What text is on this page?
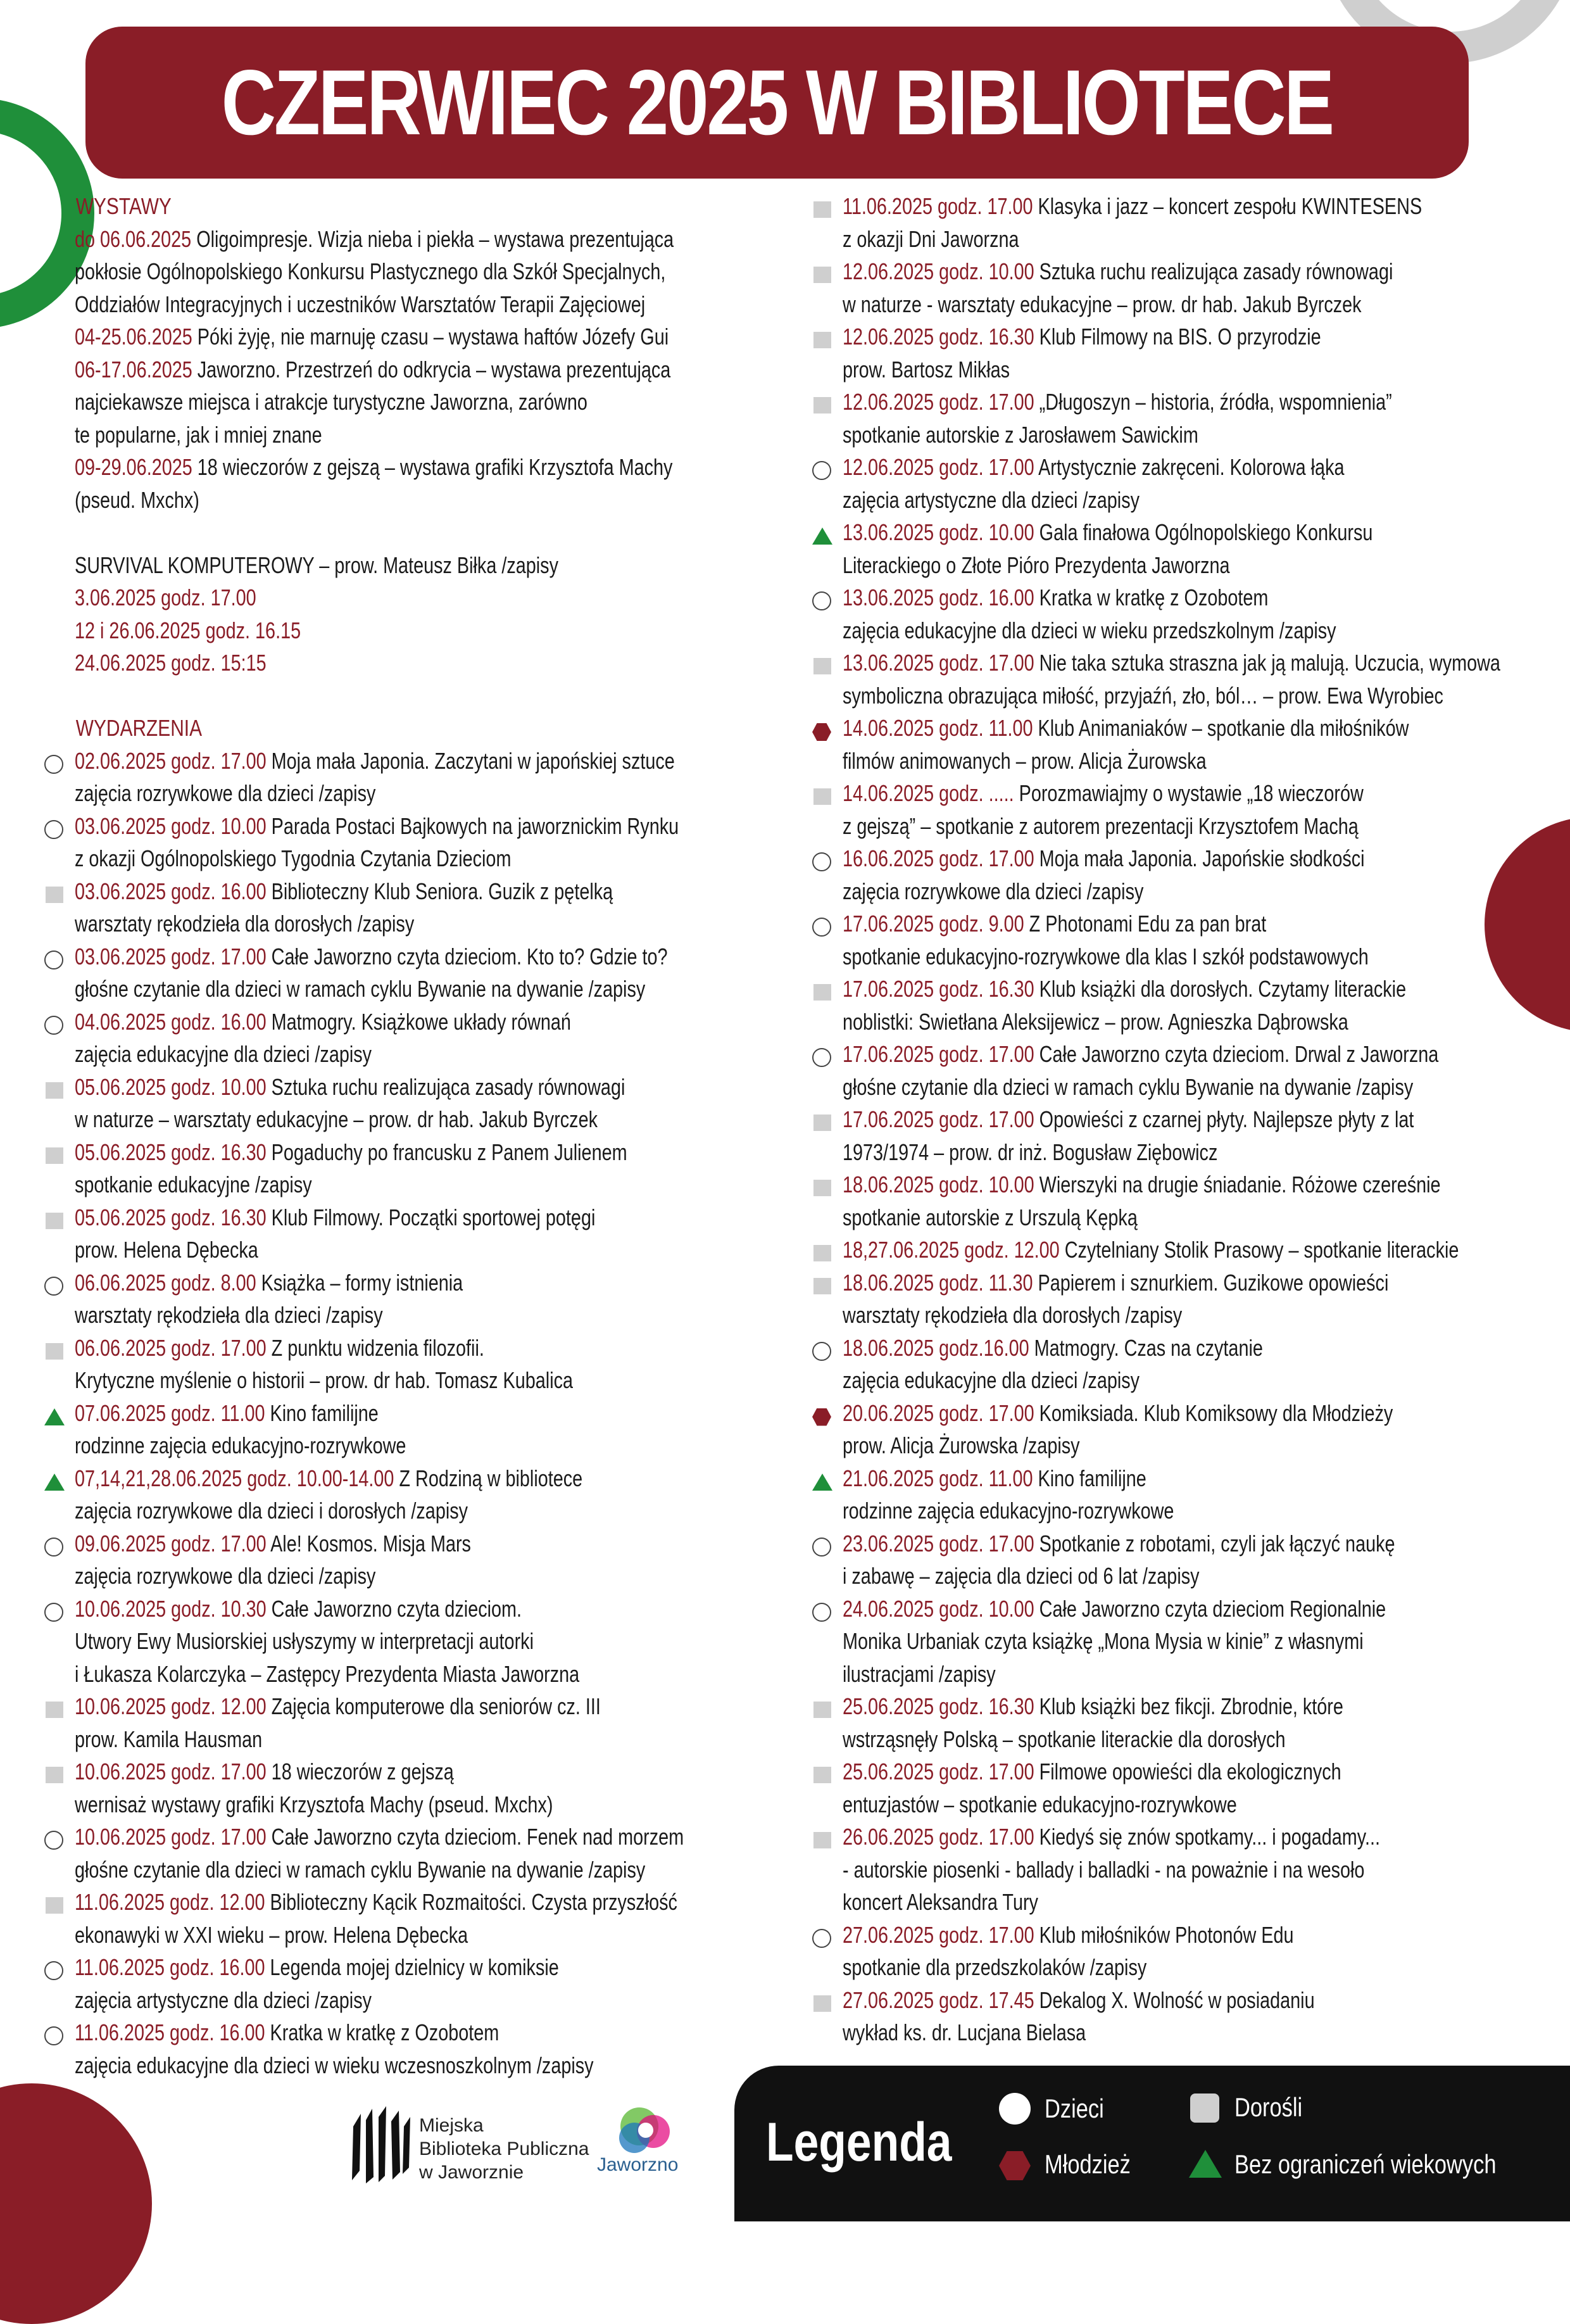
CZERWIEC 2025 W BIBLIOTECE
WYSTAWY
do 06.06.2025 Oligoimpresje. Wizja nieba i piekła – wystawa prezentująca
pokłosie Ogólnopolskiego Konkursu Plastycznego dla Szkół Specjalnych,
Oddziałów Integracyjnych i uczestników Warsztatów Terapii Zajęciowej
04-25.06.2025 Póki żyję, nie marnuję czasu – wystawa haftów Józefy Gui
06-17.06.2025 Jaworzno. Przestrzeń do odkrycia – wystawa prezentująca
najciekawsze miejsca i atrakcje turystyczne Jaworzna, zarówno
te popularne, jak i mniej znane
09-29.06.2025 18 wieczorów z gejszą – wystawa grafiki Krzysztofa Machy
(pseud. Mxchx)
SURVIVAL KOMPUTEROWY – prow. Mateusz Biłka /zapisy
3.06.2025 godz. 17.00
12 i 26.06.2025 godz. 16.15
24.06.2025 godz. 15:15
WYDARZENIA
02.06.2025 godz. 17.00 Moja mała Japonia. Zaczytani w japońskiej sztuce
zajęcia rozrywkowe dla dzieci /zapisy
03.06.2025 godz. 10.00 Parada Postaci Bajkowych na jaworznickim Rynku
z okazji Ogólnopolskiego Tygodnia Czytania Dzieciom
03.06.2025 godz. 16.00 Biblioteczny Klub Seniora. Guzik z pętelką
warsztaty rękodzieła dla dorosłych /zapisy
03.06.2025 godz. 17.00 Całe Jaworzno czyta dzieciom. Kto to? Gdzie to?
głośne czytanie dla dzieci w ramach cyklu Bywanie na dywanie /zapisy
04.06.2025 godz. 16.00 Matmogry. Książkowe układy równań
zajęcia edukacyjne dla dzieci /zapisy
05.06.2025 godz. 10.00 Sztuka ruchu realizująca zasady równowagi
w naturze – warsztaty edukacyjne – prow. dr hab. Jakub Byrczek
05.06.2025 godz. 16.30 Pogaduchy po francusku z Panem Julienem
spotkanie edukacyjne /zapisy
05.06.2025 godz. 16.30 Klub Filmowy. Początki sportowej potęgi
prow. Helena Dębecka
06.06.2025 godz. 8.00 Książka – formy istnienia
warsztaty rękodzieła dla dzieci /zapisy
06.06.2025 godz. 17.00 Z punktu widzenia filozofii.
Krytyczne myślenie o historii – prow. dr hab. Tomasz Kubalica
07.06.2025 godz. 11.00 Kino familijne
rodzinne zajęcia edukacyjno-rozrywkowe
07,14,21,28.06.2025 godz. 10.00-14.00 Z Rodziną w bibliotece
zajęcia rozrywkowe dla dzieci i dorosłych /zapisy
09.06.2025 godz. 17.00 Ale! Kosmos. Misja Mars
zajęcia rozrywkowe dla dzieci /zapisy
10.06.2025 godz. 10.30 Całe Jaworzno czyta dzieciom.
Utwory Ewy Musiorskiej usłyszymy w interpretacji autorki
i Łukasza Kolarczyka – Zastępcy Prezydenta Miasta Jaworzna
10.06.2025 godz. 12.00 Zajęcia komputerowe dla seniorów cz. III
prow. Kamila Hausman
10.06.2025 godz. 17.00 18 wieczorów z gejszą
wernisaż wystawy grafiki Krzysztofa Machy (pseud. Mxchx)
10.06.2025 godz. 17.00 Całe Jaworzno czyta dzieciom. Fenek nad morzem
głośne czytanie dla dzieci w ramach cyklu Bywanie na dywanie /zapisy
11.06.2025 godz. 12.00 Biblioteczny Kącik Rozmaitości. Czysta przyszłość
ekonawyki w XXI wieku – prow. Helena Dębecka
11.06.2025 godz. 16.00 Legenda mojej dzielnicy w komiksie
zajęcia artystyczne dla dzieci /zapisy
11.06.2025 godz. 16.00 Kratka w kratkę z Ozobotem
zajęcia edukacyjne dla dzieci w wieku wczesnoszkolnym /zapisy
11.06.2025 godz. 17.00 Klasyka i jazz – koncert zespołu KWINTESENS
z okazji Dni Jaworzna
12.06.2025 godz. 10.00 Sztuka ruchu realizująca zasady równowagi
w naturze - warsztaty edukacyjne – prow. dr hab. Jakub Byrczek
12.06.2025 godz. 16.30 Klub Filmowy na BIS. O przyrodzie
prow. Bartosz Mikłas
12.06.2025 godz. 17.00 „Długoszyn – historia, źródła, wspomnienia”
spotkanie autorskie z Jarosławem Sawickim
12.06.2025 godz. 17.00 Artystycznie zakręceni. Kolorowa łąka
zajęcia artystyczne dla dzieci /zapisy
13.06.2025 godz. 10.00 Gala finałowa Ogólnopolskiego Konkursu
Literackiego o Złote Pióro Prezydenta Jaworzna
13.06.2025 godz. 16.00 Kratka w kratkę z Ozobotem
zajęcia edukacyjne dla dzieci w wieku przedszkolnym /zapisy
13.06.2025 godz. 17.00 Nie taka sztuka straszna jak ją malują. Uczucia, wymowa
symboliczna obrazująca miłość, przyjaźń, zło, ból… – prow. Ewa Wyrobiec
14.06.2025 godz. 11.00 Klub Animaniaków – spotkanie dla miłośników
filmów animowanych – prow. Alicja Żurowska
14.06.2025 godz. ..... Porozmawiajmy o wystawie „18 wieczorów
z gejszą” – spotkanie z autorem prezentacji Krzysztofem Machą
16.06.2025 godz. 17.00 Moja mała Japonia. Japońskie słodkości
zajęcia rozrywkowe dla dzieci /zapisy
17.06.2025 godz. 9.00 Z Photonami Edu za pan brat
spotkanie edukacyjno-rozrywkowe dla klas I szkół podstawowych
17.06.2025 godz. 16.30 Klub książki dla dorosłych. Czytamy literackie
noblistki: Swietłana Aleksijewicz – prow. Agnieszka Dąbrowska
17.06.2025 godz. 17.00 Całe Jaworzno czyta dzieciom. Drwal z Jaworzna
głośne czytanie dla dzieci w ramach cyklu Bywanie na dywanie /zapisy
17.06.2025 godz. 17.00 Opowieści z czarnej płyty. Najlepsze płyty z lat
1973/1974 – prow. dr inż. Bogusław Ziębowicz
18.06.2025 godz. 10.00 Wierszyki na drugie śniadanie. Różowe czereśnie
spotkanie autorskie z Urszulą Kępką
18,27.06.2025 godz. 12.00 Czytelniany Stolik Prasowy – spotkanie literackie
18.06.2025 godz. 11.30 Papierem i sznurkiem. Guzikowe opowieści
warsztaty rękodzieła dla dorosłych /zapisy
18.06.2025 godz.16.00 Matmogry. Czas na czytanie
zajęcia edukacyjne dla dzieci /zapisy
20.06.2025 godz. 17.00 Komiksiada. Klub Komiksowy dla Młodzieży
prow. Alicja Żurowska /zapisy
21.06.2025 godz. 11.00 Kino familijne
rodzinne zajęcia edukacyjno-rozrywkowe
23.06.2025 godz. 17.00 Spotkanie z robotami, czyli jak łączyć naukę
i zabawę – zajęcia dla dzieci od 6 lat /zapisy
24.06.2025 godz. 10.00 Całe Jaworzno czyta dzieciom Regionalnie
Monika Urbaniak czyta książkę „Mona Mysia w kinie” z własnymi
ilustracjami /zapisy
25.06.2025 godz. 16.30 Klub książki bez fikcji. Zbrodnie, które
wstrząsnęły Polską – spotkanie literackie dla dorosłych
25.06.2025 godz. 17.00 Filmowe opowieści dla ekologicznych
entuzjastów – spotkanie edukacyjno-rozrywkowe
26.06.2025 godz. 17.00 Kiedyś się znów spotkamy... i pogadamy...
- autorskie piosenki - ballady i balladki - na poważnie i na wesoło
koncert Aleksandra Tury
27.06.2025 godz. 17.00 Klub miłośników Photonów Edu
spotkanie dla przedszkolaków /zapisy
27.06.2025 godz. 17.45 Dekalog X. Wolność w posiadaniu
wykład ks. dr. Lucjana Bielasa
Miejska
Biblioteka Publiczna
w Jaworznie	Jaworzno Legenda
Dzieci	Dorośli
Młodzież	Bez ograniczeń wiekowych
